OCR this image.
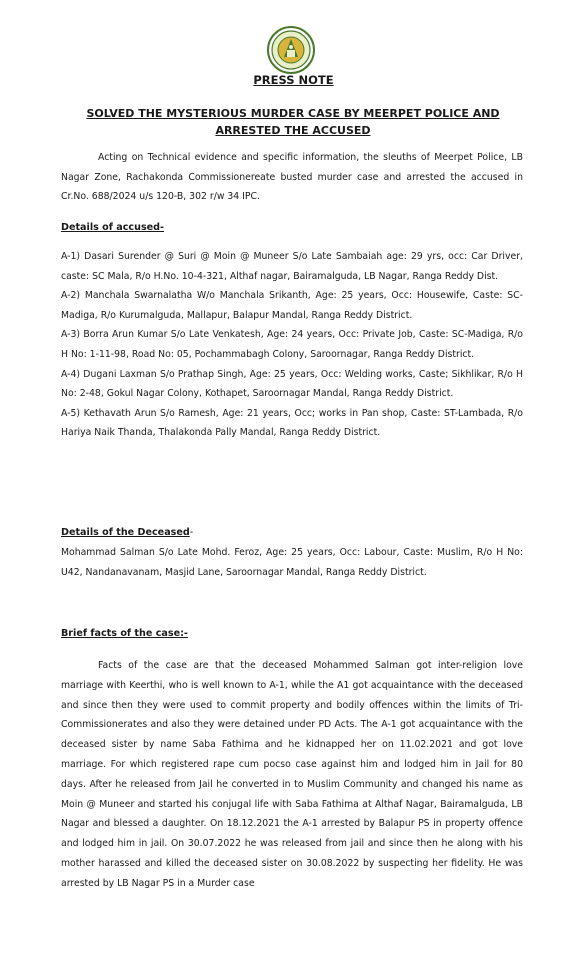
PRESS NOTE
SOLVED THE MYSTERIOUS MURDER CASE BY MEERPET POLICE AND ARRESTED THE ACCUSED

Acting on Technical evidence and specific information, the sleuths of Meerpet Police, LB Nagar Zone, Rachakonda Commissionereate busted murder case and arrested the accused in Cr.No. 688/2024 u/s 120-B, 302 r/w 34 IPC.

Details of accused-

A-1) Dasari Surender @ Suri @ Moin @ Muneer S/o Late Sambaiah age: 29 yrs, occ: Car Driver, caste: SC Mala, R/o H.No. 10-4-321, Althaf nagar, Bairamalguda, LB Nagar, Ranga Reddy Dist.

A-2) Manchala Swarnalatha W/o Manchala Srikanth, Age: 25 years, Occ: Housewife, Caste: SC-Madiga, R/o Kurumalguda, Mallapur, Balapur Mandal, Ranga Reddy District.

A-3) Borra Arun Kumar S/o Late Venkatesh, Age: 24 years, Occ: Private Job, Caste: SC-Madiga, R/o H No: 1-11-98, Road No: 05, Pochammabagh Colony, Saroornagar, Ranga Reddy District.

A-4) Dugani Laxman S/o Prathap Singh, Age: 25 years, Occ: Welding works, Caste; Sikhlikar, R/o H No: 2-48, Gokul Nagar Colony, Kothapet, Saroornagar Mandal, Ranga Reddy District.

A-5) Kethavath Arun S/o Ramesh, Age: 21 years, Occ; works in Pan shop, Caste: ST-Lambada, R/o Hariya Naik Thanda, Thalakonda Pally Mandal, Ranga Reddy District.

Details of the Deceased-

Mohammad Salman S/o Late Mohd. Feroz, Age: 25 years, Occ: Labour, Caste: Muslim, R/o H No: U42, Nandanavanam, Masjid Lane, Saroornagar Mandal, Ranga Reddy District.

Brief facts of the case:-

Facts of the case are that the deceased Mohammed Salman got inter-religion love marriage with Keerthi, who is well known to A-1, while the A1 got acquaintance with the deceased and since then they were used to commit property and bodily offences within the limits of Tri-Commissionerates and also they were detained under PD Acts. The A-1 got acquaintance with the deceased sister by name Saba Fathima and he kidnapped her on 11.02.2021 and got love marriage. For which registered rape cum pocso case against him and lodged him in Jail for 80 days. After he released from Jail he converted in to Muslim Community and changed his name as Moin @ Muneer and started his conjugal life with Saba Fathima at Althaf Nagar, Bairamalguda, LB Nagar and blessed a daughter. On 18.12.2021 the A-1 arrested by Balapur PS in property offence and lodged him in jail. On 30.07.2022 he was released from jail and since then he along with his mother harassed and killed the deceased sister on 30.08.2022 by suspecting her fidelity. He was arrested by LB Nagar PS in a Murder case
